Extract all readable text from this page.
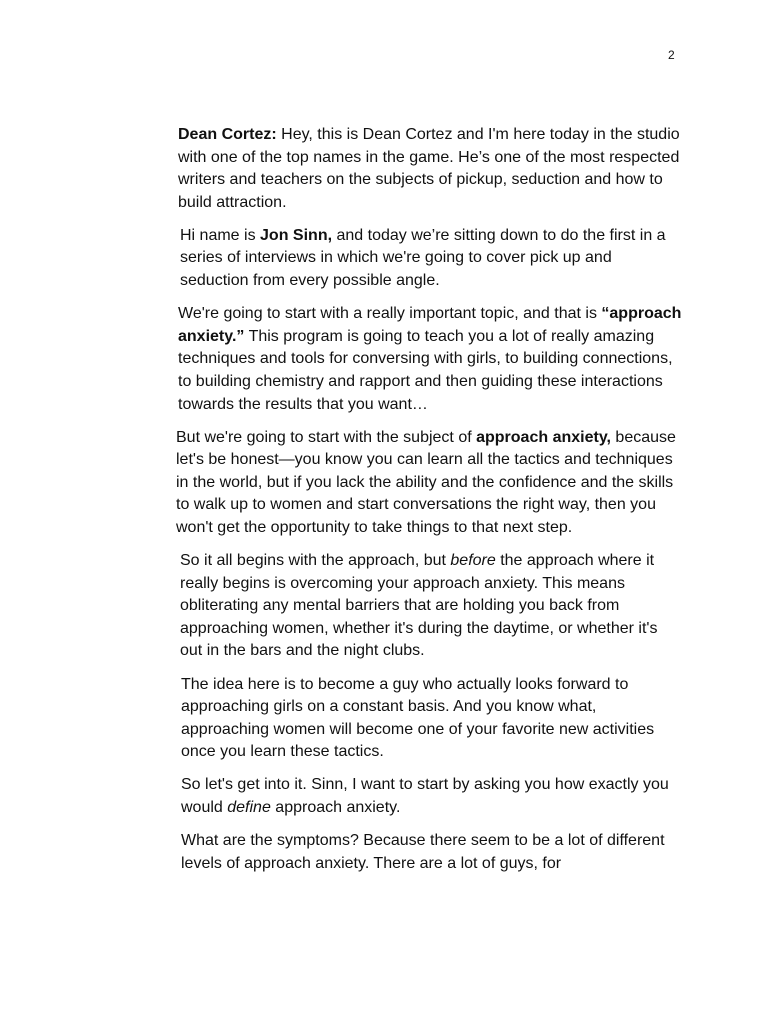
2

Dean Cortez: Hey, this is Dean Cortez and I'm here today in the studio with one of the top names in the game. He’s one of the most respected writers and teachers on the subjects of pickup, seduction and how to build attraction.

Hi name is Jon Sinn, and today we’re sitting down to do the first in a series of interviews in which we're going to cover pick up and seduction from every possible angle.

We're going to start with a really important topic, and that is “approach anxiety.” This program is going to teach you a lot of really amazing techniques and tools for conversing with girls, to building connections, to building chemistry and rapport and then guiding these interactions towards the results that you want…

But we're going to start with the subject of approach anxiety, because let's be honest—you know you can learn all the tactics and techniques in the world, but if you lack the ability and the confidence and the skills to walk up to women and start conversations the right way, then you won't get the opportunity to take things to that next step.

So it all begins with the approach, but before the approach where it really begins is overcoming your approach anxiety. This means obliterating any mental barriers that are holding you back from approaching women, whether it's during the daytime, or whether it's out in the bars and the night clubs.

The idea here is to become a guy who actually looks forward to approaching girls on a constant basis. And you know what, approaching women will become one of your favorite new activities once you learn these tactics.

So let's get into it. Sinn, I want to start by asking you how exactly you would define approach anxiety.

What are the symptoms? Because there seem to be a lot of different levels of approach anxiety. There are a lot of guys, for
